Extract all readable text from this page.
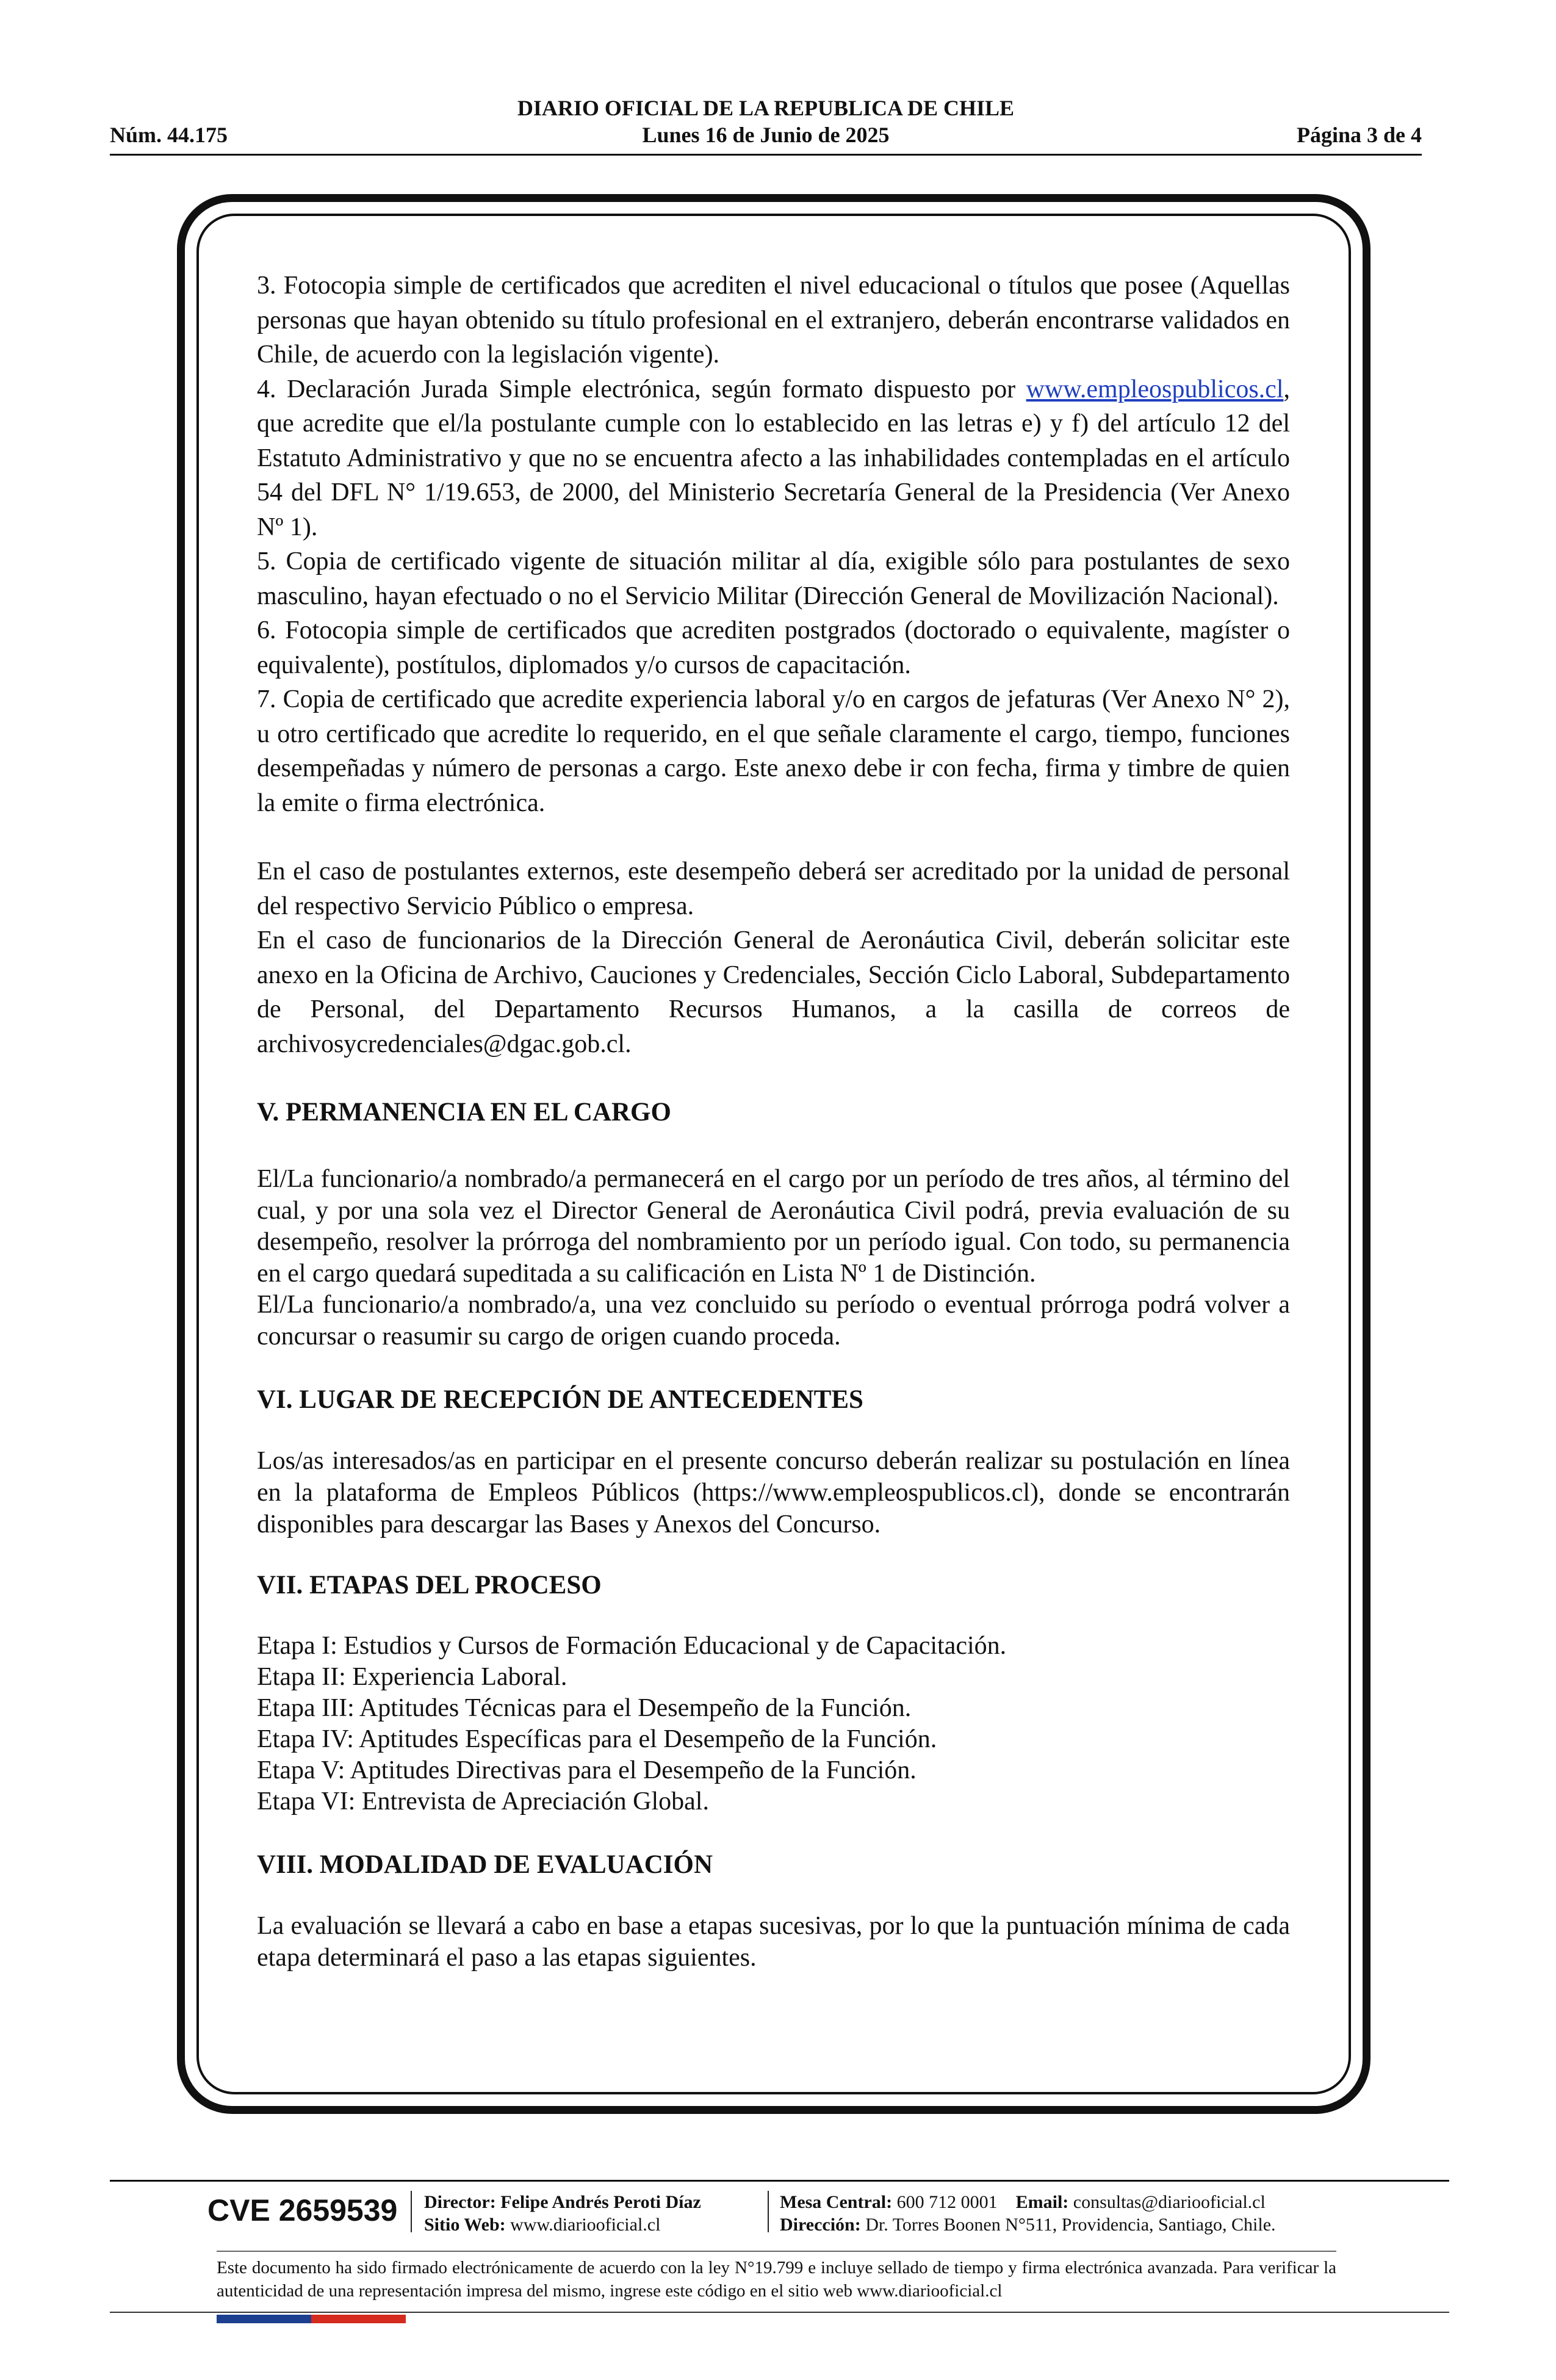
DIARIO OFICIAL DE LA REPUBLICA DE CHILE
Núm. 44.175	Lunes 16 de Junio de 2025	Página 3 de 4

3. Fotocopia simple de certificados que acrediten el nivel educacional o títulos que posee (Aquellas personas que hayan obtenido su título profesional en el extranjero, deberán encontrarse validados en Chile, de acuerdo con la legislación vigente).

4. Declaración Jurada Simple electrónica, según formato dispuesto por www.empleospublicos.cl, que acredite que el/la postulante cumple con lo establecido en las letras e) y f) del artículo 12 del Estatuto Administrativo y que no se encuentra afecto a las inhabilidades contempladas en el artículo 54 del DFL N° 1/19.653, de 2000, del Ministerio Secretaría General de la Presidencia (Ver Anexo Nº 1).

5. Copia de certificado vigente de situación militar al día, exigible sólo para postulantes de sexo masculino, hayan efectuado o no el Servicio Militar (Dirección General de Movilización Nacional).

6. Fotocopia simple de certificados que acrediten postgrados (doctorado o equivalente, magíster o equivalente), postítulos, diplomados y/o cursos de capacitación.

7. Copia de certificado que acredite experiencia laboral y/o en cargos de jefaturas (Ver Anexo N° 2), u otro certificado que acredite lo requerido, en el que señale claramente el cargo, tiempo, funciones desempeñadas y número de personas a cargo. Este anexo debe ir con fecha, firma y timbre de quien la emite o firma electrónica.

En el caso de postulantes externos, este desempeño deberá ser acreditado por la unidad de personal del respectivo Servicio Público o empresa.

En el caso de funcionarios de la Dirección General de Aeronáutica Civil, deberán solicitar este anexo en la Oficina de Archivo, Cauciones y Credenciales, Sección Ciclo Laboral, Subdepartamento de Personal, del Departamento Recursos Humanos, a la casilla de correos de archivosycredenciales@dgac.gob.cl.

V. PERMANENCIA EN EL CARGO

El/La funcionario/a nombrado/a permanecerá en el cargo por un período de tres años, al término del cual, y por una sola vez el Director General de Aeronáutica Civil podrá, previa evaluación de su desempeño, resolver la prórroga del nombramiento por un período igual. Con todo, su permanencia en el cargo quedará supeditada a su calificación en Lista Nº 1 de Distinción.

El/La funcionario/a nombrado/a, una vez concluido su período o eventual prórroga podrá volver a concursar o reasumir su cargo de origen cuando proceda.

VI. LUGAR DE RECEPCIÓN DE ANTECEDENTES

Los/as interesados/as en participar en el presente concurso deberán realizar su postulación en línea en la plataforma de Empleos Públicos (https://www.empleospublicos.cl), donde se encontrarán disponibles para descargar las Bases y Anexos del Concurso.

VII. ETAPAS DEL PROCESO

Etapa I: Estudios y Cursos de Formación Educacional y de Capacitación.

Etapa II: Experiencia Laboral.

Etapa III: Aptitudes Técnicas para el Desempeño de la Función.

Etapa IV: Aptitudes Específicas para el Desempeño de la Función.

Etapa V: Aptitudes Directivas para el Desempeño de la Función.

Etapa VI: Entrevista de Apreciación Global.

VIII. MODALIDAD DE EVALUACIÓN

La evaluación se llevará a cabo en base a etapas sucesivas, por lo que la puntuación mínima de cada etapa determinará el paso a las etapas siguientes.

CVE 2659539 Director: Felipe Andrés Peroti Díaz
Sitio Web: www.diariooficial.cl
Mesa Central: 600 712 0001 Email: consultas@diariooficial.cl
Dirección: Dr. Torres Boonen N°511, Providencia, Santiago, Chile.
Este documento ha sido firmado electrónicamente de acuerdo con la ley N°19.799 e incluye sellado de tiempo y firma electrónica avanzada. Para verificar la autenticidad de una representación impresa del mismo, ingrese este código en el sitio web www.diariooficial.cl
